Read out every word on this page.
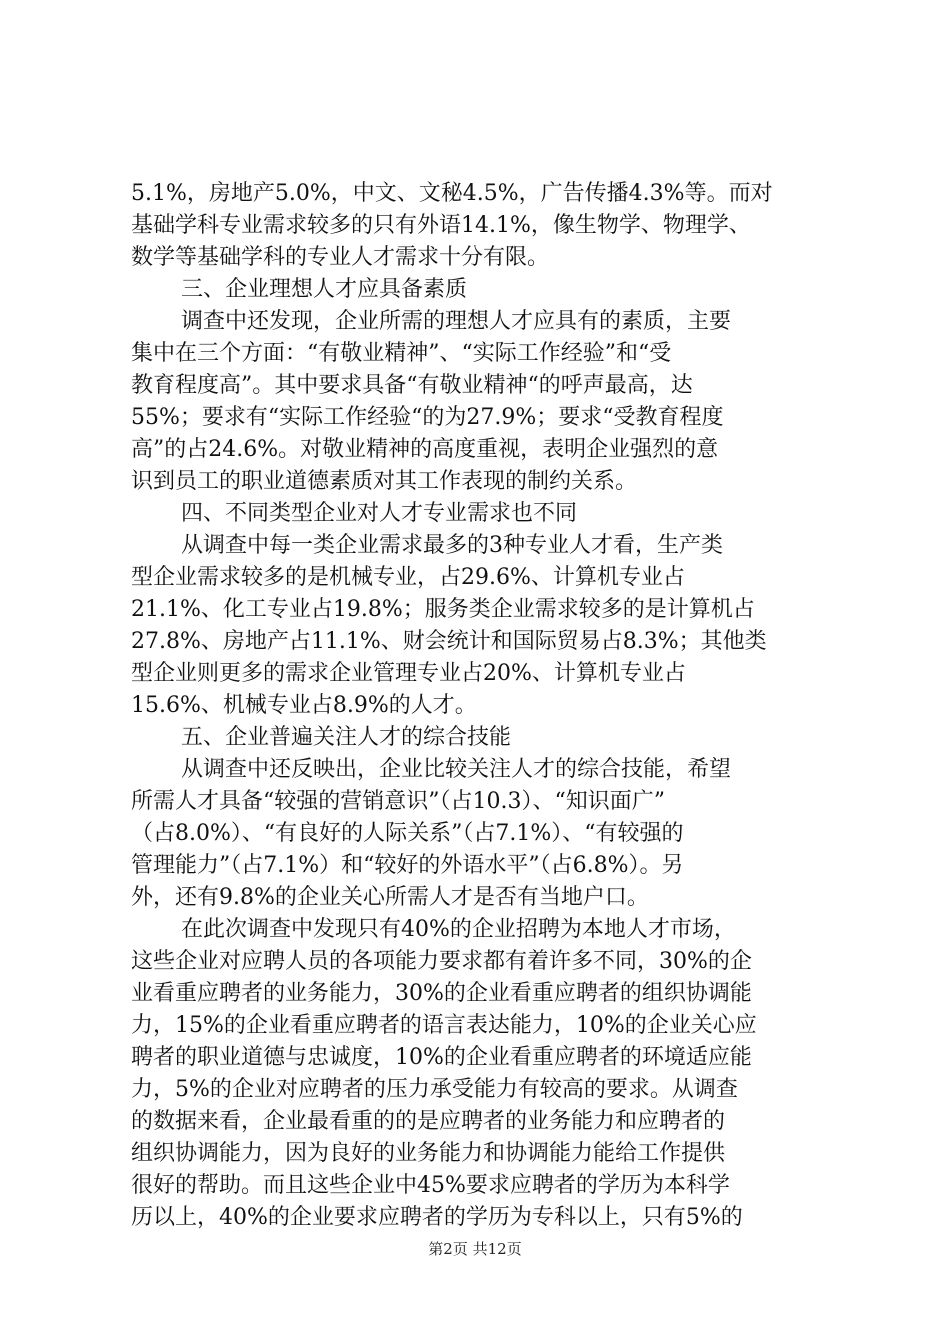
5.1%，房地产5.0%，中文、文秘4.5%，广告传播4.3%等。而对
基础学科专业需求较多的只有外语14.1%，像生物学、物理学、
数学等基础学科的专业人才需求十分有限。
三、企业理想人才应具备素质
调查中还发现，企业所需的理想人才应具有的素质，主要
集中在三个方面：“有敬业精神”、“实际工作经验”和“受
教育程度高”。其中要求具备“有敬业精神“的呼声最高，达
55%；要求有“实际工作经验“的为27.9%；要求“受教育程度
高”的占24.6%。对敬业精神的高度重视，表明企业强烈的意
识到员工的职业道德素质对其工作表现的制约关系。
四、不同类型企业对人才专业需求也不同
从调查中每一类企业需求最多的3种专业人才看，生产类
型企业需求较多的是机械专业，占29.6%、计算机专业占
21.1%、化工专业占19.8%；服务类企业需求较多的是计算机占
27.8%、房地产占11.1%、财会统计和国际贸易占8.3%；其他类
型企业则更多的需求企业管理专业占20%、计算机专业占
15.6%、机械专业占8.9%的人才。
五、企业普遍关注人才的综合技能
从调查中还反映出，企业比较关注人才的综合技能，希望
所需人才具备“较强的营销意识”（占10.3）、“知识面广”
（占8.0%）、“有良好的人际关系”（占7.1%）、“有较强的
管理能力”（占7.1%）和“较好的外语水平”（占6.8%）。另
外，还有9.8%的企业关心所需人才是否有当地户口。
在此次调查中发现只有40%的企业招聘为本地人才市场，
这些企业对应聘人员的各项能力要求都有着许多不同，30%的企
业看重应聘者的业务能力，30%的企业看重应聘者的组织协调能
力，15%的企业看重应聘者的语言表达能力，10%的企业关心应
聘者的职业道德与忠诚度，10%的企业看重应聘者的环境适应能
力，5%的企业对应聘者的压力承受能力有较高的要求。从调查
的数据来看，企业最看重的的是应聘者的业务能力和应聘者的
组织协调能力，因为良好的业务能力和协调能力能给工作提供
很好的帮助。而且这些企业中45%要求应聘者的学历为本科学
历以上，40%的企业要求应聘者的学历为专科以上，只有5%的
第2页 共12页
